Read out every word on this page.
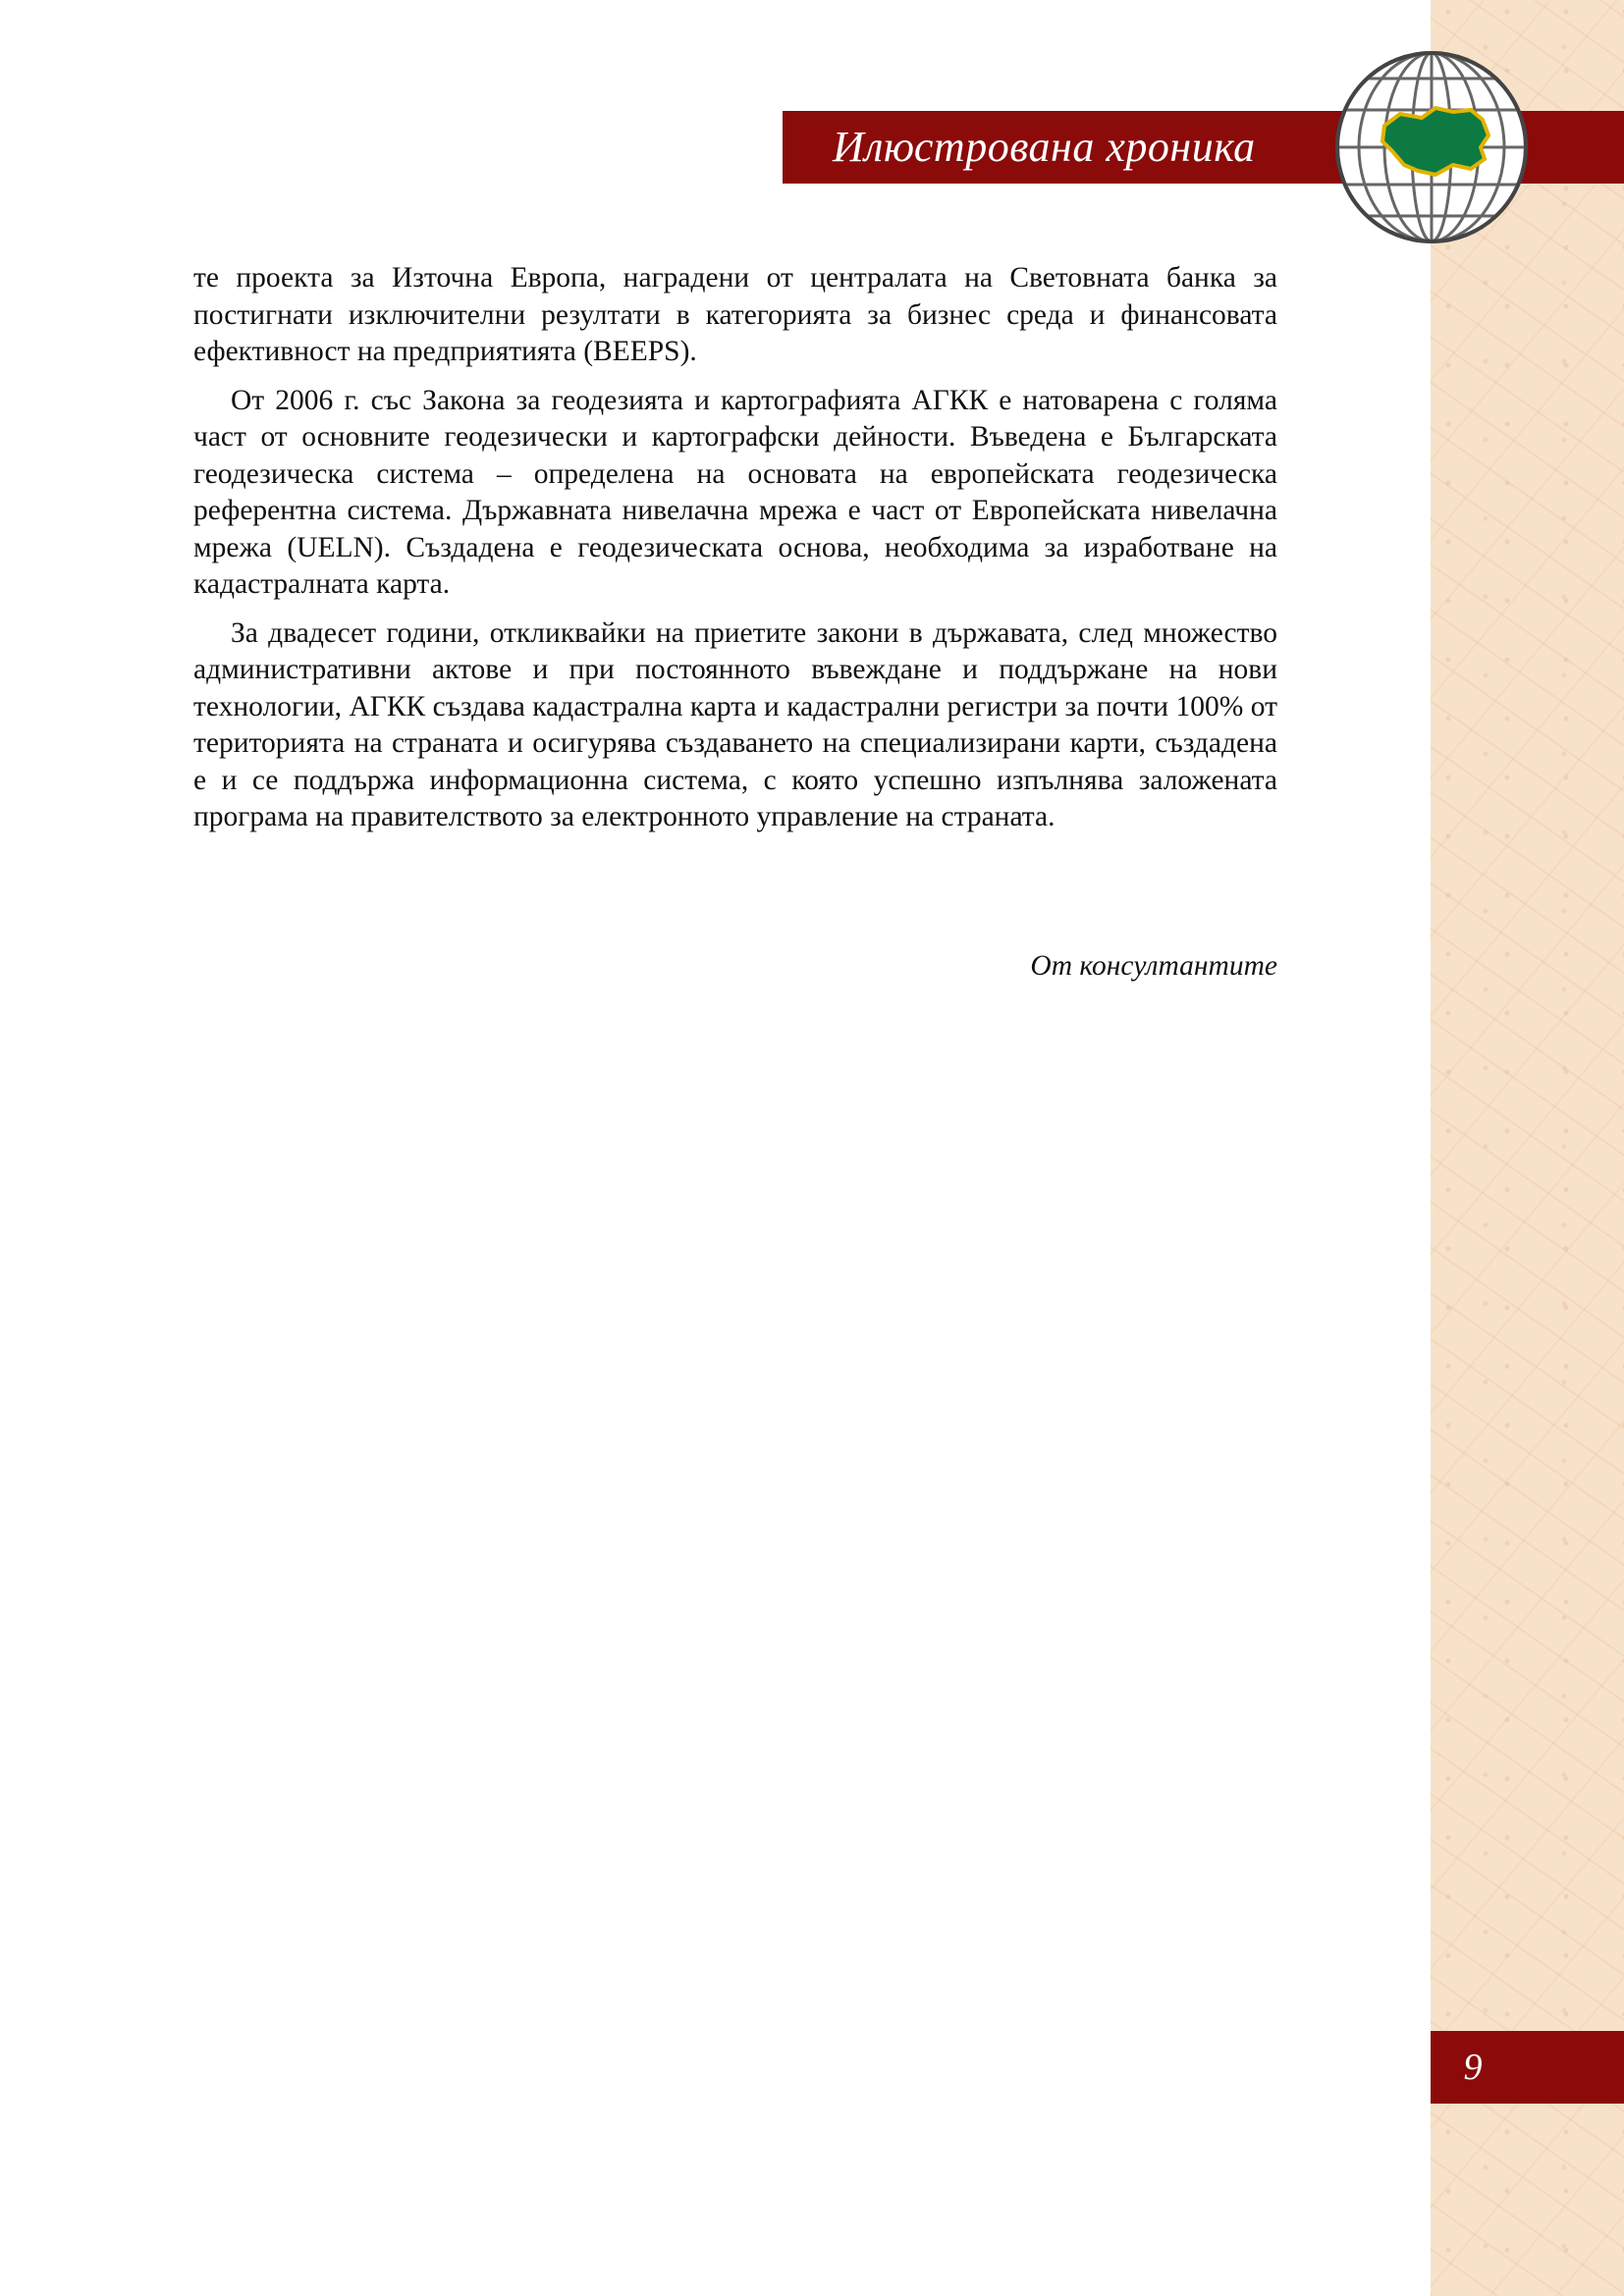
Илюстрована хроника

те проекта за Източна Европа, наградени от централата на Световната банка за постигнати изключителни резултати в категорията за бизнес среда и финансовата ефективност на предприятията (BEEPS).

От 2006 г. със Закона за геодезията и картографията АГКК е натоварена с голяма част от основните геодезически и картографски дейности. Въведена е Българската геодезическа система – определена на основата на европейската геодезическа референтна система. Държавната нивелачна мрежа е част от Европейската нивелачна мрежа (UELN). Създадена е геодезическата основа, необходима за изработване на кадастралната карта.

За двадесет години, откликвайки на приетите закони в държавата, след множество административни актове и при постоянното въвеждане и поддържане на нови технологии, АГКК създава кадастрална карта и кадастрални регистри за почти 100% от територията на страната и осигурява създаването на специализирани карти, създадена е и се поддържа информационна система, с която успешно изпълнява заложената програма на правителството за електронното управление на страната.

От консултантите

9
